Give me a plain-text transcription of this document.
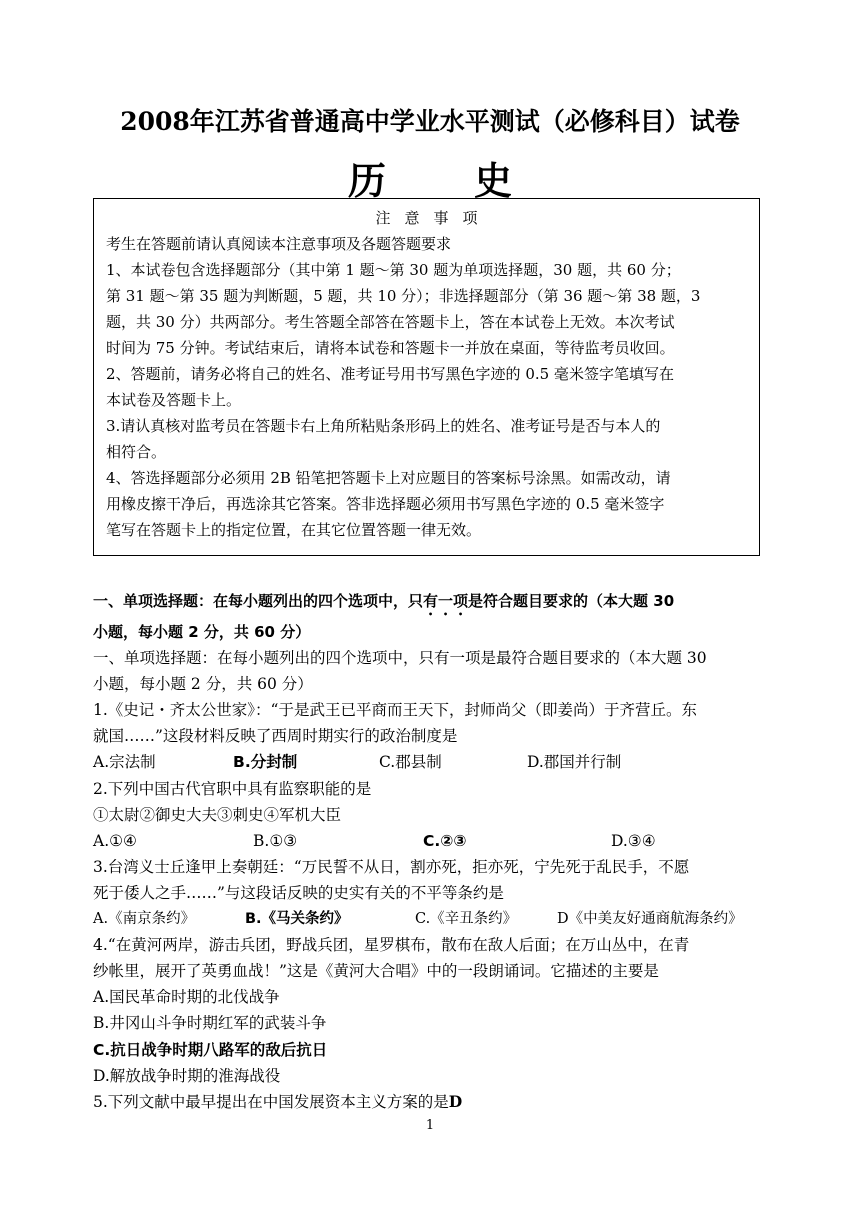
2008年江苏省普通高中学业水平测试（必修科目）试卷
历 史
注意事项
考生在答题前请认真阅读本注意事项及各题答题要求
1、本试卷包含选择题部分（其中第 1 题～第 30 题为单项选择题，30 题，共 60 分；
第 31 题～第 35 题为判断题，5 题，共 10 分）；非选择题部分（第 36 题～第 38 题，3
题，共 30 分）共两部分。考生答题全部答在答题卡上，答在本试卷上无效。本次考试
时间为 75 分钟。考试结束后，请将本试卷和答题卡一并放在桌面，等待监考员收回。
2、答题前，请务必将自己的姓名、准考证号用书写黑色字迹的 0.5 毫米签字笔填写在
本试卷及答题卡上。
3.请认真核对监考员在答题卡右上角所粘贴条形码上的姓名、准考证号是否与本人的
相符合。
4、答选择题部分必须用 2B 铅笔把答题卡上对应题目的答案标号涂黑。如需改动，请
用橡皮擦干净后，再选涂其它答案。答非选择题必须用书写黑色字迹的 0.5 毫米签字
笔写在答题卡上的指定位置，在其它位置答题一律无效。
一、单项选择题：在每小题列出的四个选项中，只有一项是符合题目要求的（本大题 30
小题，每小题 2 分，共 60 分）
一、单项选择题：在每小题列出的四个选项中，只有一项是最符合题目要求的（本大题 30
小题，每小题 2 分，共 60 分）
1.《史记・齐太公世家》：“于是武王已平商而王天下，封师尚父（即姜尚）于齐营丘。东
就国……”这段材料反映了西周时期实行的政治制度是
A.宗法制	B.分封制	C.郡县制	D.郡国并行制
2.下列中国古代官职中具有监察职能的是
①太尉②御史大夫③刺史④军机大臣
A.①④	B.①③	C.②③	D.③④
3.台湾义士丘逢甲上奏朝廷：“万民誓不从日，割亦死，拒亦死，宁先死于乱民手，不愿
死于倭人之手……”与这段话反映的史实有关的不平等条约是
A.《南京条约》	B.《马关条约》	C.《辛丑条约》	D《中美友好通商航海条约》
4.“在黄河两岸，游击兵团，野战兵团，星罗棋布，散布在敌人后面；在万山丛中，在青
纱帐里，展开了英勇血战！”这是《黄河大合唱》中的一段朗诵词。它描述的主要是
A.国民革命时期的北伐战争
B.井冈山斗争时期红军的武装斗争
C.抗日战争时期八路军的敌后抗日
D.解放战争时期的淮海战役
5.下列文献中最早提出在中国发展资本主义方案的是D
1
